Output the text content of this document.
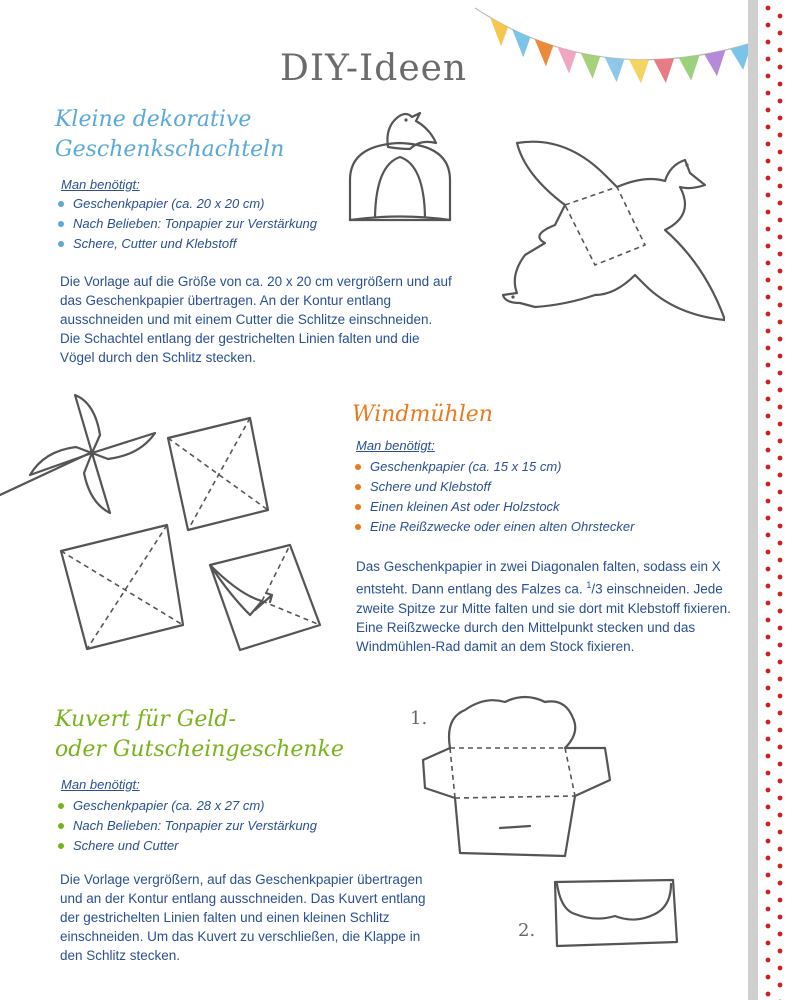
DIY-Ideen
Kleine dekorative
Geschenkschachteln

Man benötigt:

Geschenkpapier (ca. 20 x 20 cm)
Nach Belieben: Tonpapier zur Verstärkung
Schere, Cutter und Klebstoff

Die Vorlage auf die Größe von ca. 20 x 20 cm vergrößern und auf das Geschenkpapier übertragen. An der Kontur entlang ausschneiden und mit einem Cutter die Schlitze einschneiden. Die Schachtel entlang der gestrichelten Linien falten und die Vögel durch den Schlitz stecken.

Windmühlen

Man benötigt:

Geschenkpapier (ca. 15 x 15 cm)
Schere und Klebstoff
Einen kleinen Ast oder Holzstock
Eine Reißzwecke oder einen alten Ohrstecker

Das Geschenkpapier in zwei Diagonalen falten, sodass ein X entsteht. Dann entlang des Falzes ca. $^1$/3 einschneiden. Jede zweite Spitze zur Mitte falten und sie dort mit Klebstoff fixieren. Eine Reißzwecke durch den Mittelpunkt stecken und das Windmühlen-Rad damit an dem Stock fixieren.

Kuvert für Geld-
oder Gutscheingeschenke

Man benötigt:

Geschenkpapier (ca. 28 x 27 cm)
Nach Belieben: Tonpapier zur Verstärkung
Schere und Cutter

Die Vorlage vergrößern, auf das Geschenkpapier übertragen und an der Kontur entlang ausschneiden. Das Kuvert entlang der gestrichelten Linien falten und einen kleinen Schlitz einschneiden. Um das Kuvert zu verschließen, die Klappe in den Schlitz stecken.

1.
2.
